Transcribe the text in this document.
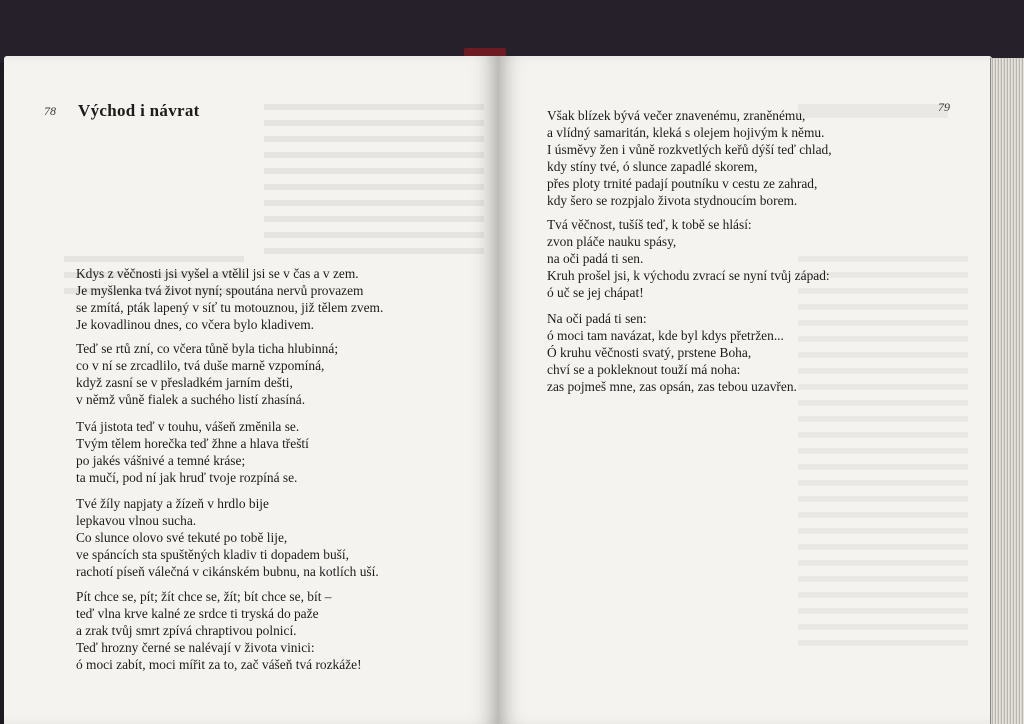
78 Východ i návrat
Kdys z věčnosti jsi vyšel a vtělil jsi se v čas a v zem.
Je myšlenka tvá život nyní; spoutána nervů provazem
se zmítá, pták lapený v síť tu motouznou, již tělem zvem.
Je kovadlinou dnes, co včera bylo kladivem.
Teď se rtů zní, co včera tůně byla ticha hlubinná;
co v ní se zrcadlilo, tvá duše marně vzpomíná,
když zasní se v přesladkém jarním dešti,
v němž vůně fialek a suchého listí zhasíná.
Tvá jistota teď v touhu, vášeň změnila se.
Tvým tělem horečka teď žhne a hlava třeští
po jakés vášnivé a temné kráse;
ta mučí, pod ní jak hruď tvoje rozpíná se.
Tvé žíly napjaty a žízeň v hrdlo bije
lepkavou vlnou sucha.
Co slunce olovo své tekuté po tobě lije,
ve spáncích sta spuštěných kladiv ti dopadem buší,
rachotí píseň válečná v cikánském bubnu, na kotlích uší.
Pít chce se, pít; žít chce se, žít; bít chce se, bít –
teď vlna krve kalné ze srdce ti tryská do paže
a zrak tvůj smrt zpívá chraptivou polnicí.
Teď hrozny černé se nalévají v života vinici:
ó moci zabít, moci mířit za to, zač vášeň tvá rozkáže!
79
Však blízek bývá večer znavenému, zraněnému,
a vlídný samaritán, kleká s olejem hojivým k němu.
I úsměvy žen i vůně rozkvetlých keřů dýší teď chlad,
kdy stíny tvé, ó slunce zapadlé skorem,
přes ploty trnité padají poutníku v cestu ze zahrad,
kdy šero se rozpjalo života stydnoucím borem.
Tvá věčnost, tušíš teď, k tobě se hlásí:
zvon pláče nauku spásy,
na oči padá ti sen.
Kruh prošel jsi, k východu zvrací se nyní tvůj západ:
ó uč se jej chápat!
Na oči padá ti sen:
ó moci tam navázat, kde byl kdys přetržen...
Ó kruhu věčnosti svatý, prstene Boha,
chví se a pokleknout touží má noha:
zas pojmeš mne, zas opsán, zas tebou uzavřen.
